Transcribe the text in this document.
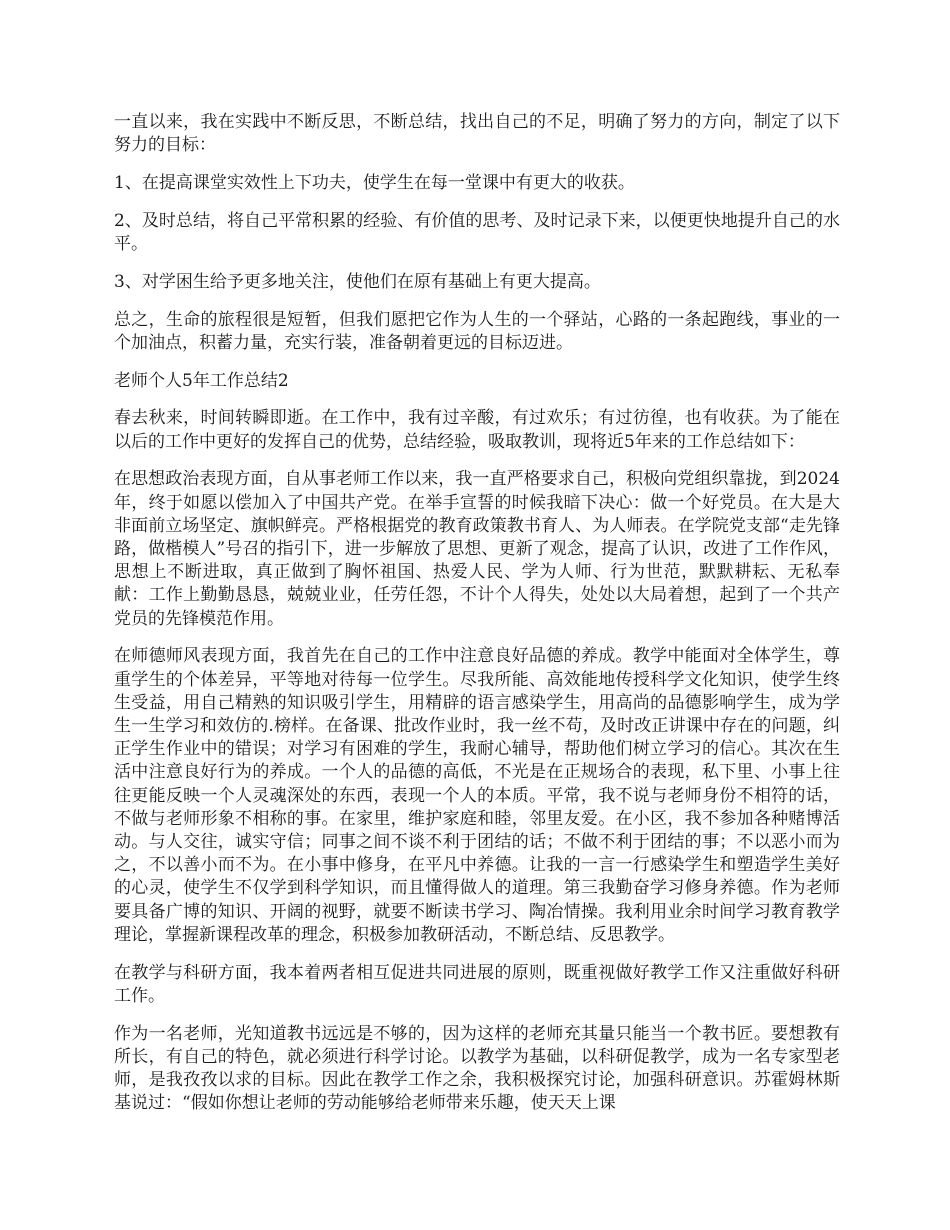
一直以来，我在实践中不断反思，不断总结，找出自己的不足，明确了努力的方向，制定了以下努力的目标：

1、在提高课堂实效性上下功夫，使学生在每一堂课中有更大的收获。

2、及时总结，将自己平常积累的经验、有价值的思考、及时记录下来，以便更快地提升自己的水平。

3、对学困生给予更多地关注，使他们在原有基础上有更大提高。

总之，生命的旅程很是短暂，但我们愿把它作为人生的一个驿站，心路的一条起跑线，事业的一个加油点，积蓄力量，充实行装，准备朝着更远的目标迈进。

老师个人5年工作总结2

春去秋来，时间转瞬即逝。在工作中，我有过辛酸，有过欢乐；有过彷徨，也有收获。为了能在以后的工作中更好的发挥自己的优势，总结经验，吸取教训，现将近5年来的工作总结如下：

在思想政治表现方面，自从事老师工作以来，我一直严格要求自己，积极向党组织靠拢，到2024年，终于如愿以偿加入了中国共产党。在举手宣誓的时候我暗下决心：做一个好党员。在大是大非面前立场坚定、旗帜鲜亮。严格根据党的教育政策教书育人、为人师表。在学院党支部“走先锋路，做楷模人”号召的指引下，进一步解放了思想、更新了观念，提高了认识，改进了工作作风，思想上不断进取，真正做到了胸怀祖国、热爱人民、学为人师、行为世范，默默耕耘、无私奉献：工作上勤勤恳恳，兢兢业业，任劳任怨，不计个人得失，处处以大局着想，起到了一个共产党员的先锋模范作用。

在师德师风表现方面，我首先在自己的工作中注意良好品德的养成。教学中能面对全体学生，尊重学生的个体差异，平等地对待每一位学生。尽我所能、高效能地传授科学文化知识，使学生终生受益，用自己精熟的知识吸引学生，用精辟的语言感染学生，用高尚的品德影响学生，成为学生一生学习和效仿的.榜样。在备课、批改作业时，我一丝不苟，及时改正讲课中存在的问题，纠正学生作业中的错误；对学习有困难的学生，我耐心辅导，帮助他们树立学习的信心。其次在生活中注意良好行为的养成。一个人的品德的高低，不光是在正规场合的表现，私下里、小事上往往更能反映一个人灵魂深处的东西，表现一个人的本质。平常，我不说与老师身份不相符的话，不做与老师形象不相称的事。在家里，维护家庭和睦，邻里友爱。在小区，我不参加各种赌博活动。与人交往，诚实守信；同事之间不谈不利于团结的话；不做不利于团结的事；不以恶小而为之，不以善小而不为。在小事中修身，在平凡中养德。让我的一言一行感染学生和塑造学生美好的心灵，使学生不仅学到科学知识，而且懂得做人的道理。第三我勤奋学习修身养德。作为老师要具备广博的知识、开阔的视野，就要不断读书学习、陶冶情操。我利用业余时间学习教育教学理论，掌握新课程改革的理念，积极参加教研活动，不断总结、反思教学。

在教学与科研方面，我本着两者相互促进共同进展的原则，既重视做好教学工作又注重做好科研工作。

作为一名老师，光知道教书远远是不够的，因为这样的老师充其量只能当一个教书匠。要想教有所长，有自己的特色，就必须进行科学讨论。以教学为基础，以科研促教学，成为一名专家型老师，是我孜孜以求的目标。因此在教学工作之余，我积极探究讨论，加强科研意识。苏霍姆林斯基说过：“假如你想让老师的劳动能够给老师带来乐趣，使天天上课
